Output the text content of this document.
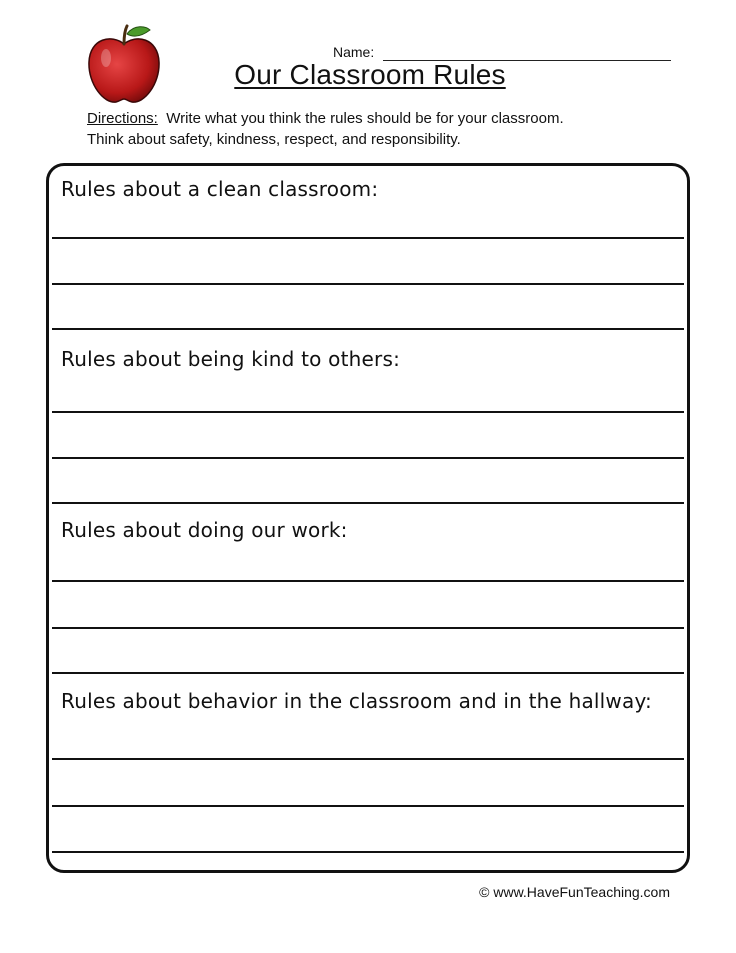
Name:
Our Classroom Rules
Directions: Write what you think the rules should be for your classroom.
Think about safety, kindness, respect, and responsibility.
Rules about a clean classroom:
Rules about being kind to others:
Rules about doing our work:
Rules about behavior in the classroom and in the hallway:
© www.HaveFunTeaching.com
